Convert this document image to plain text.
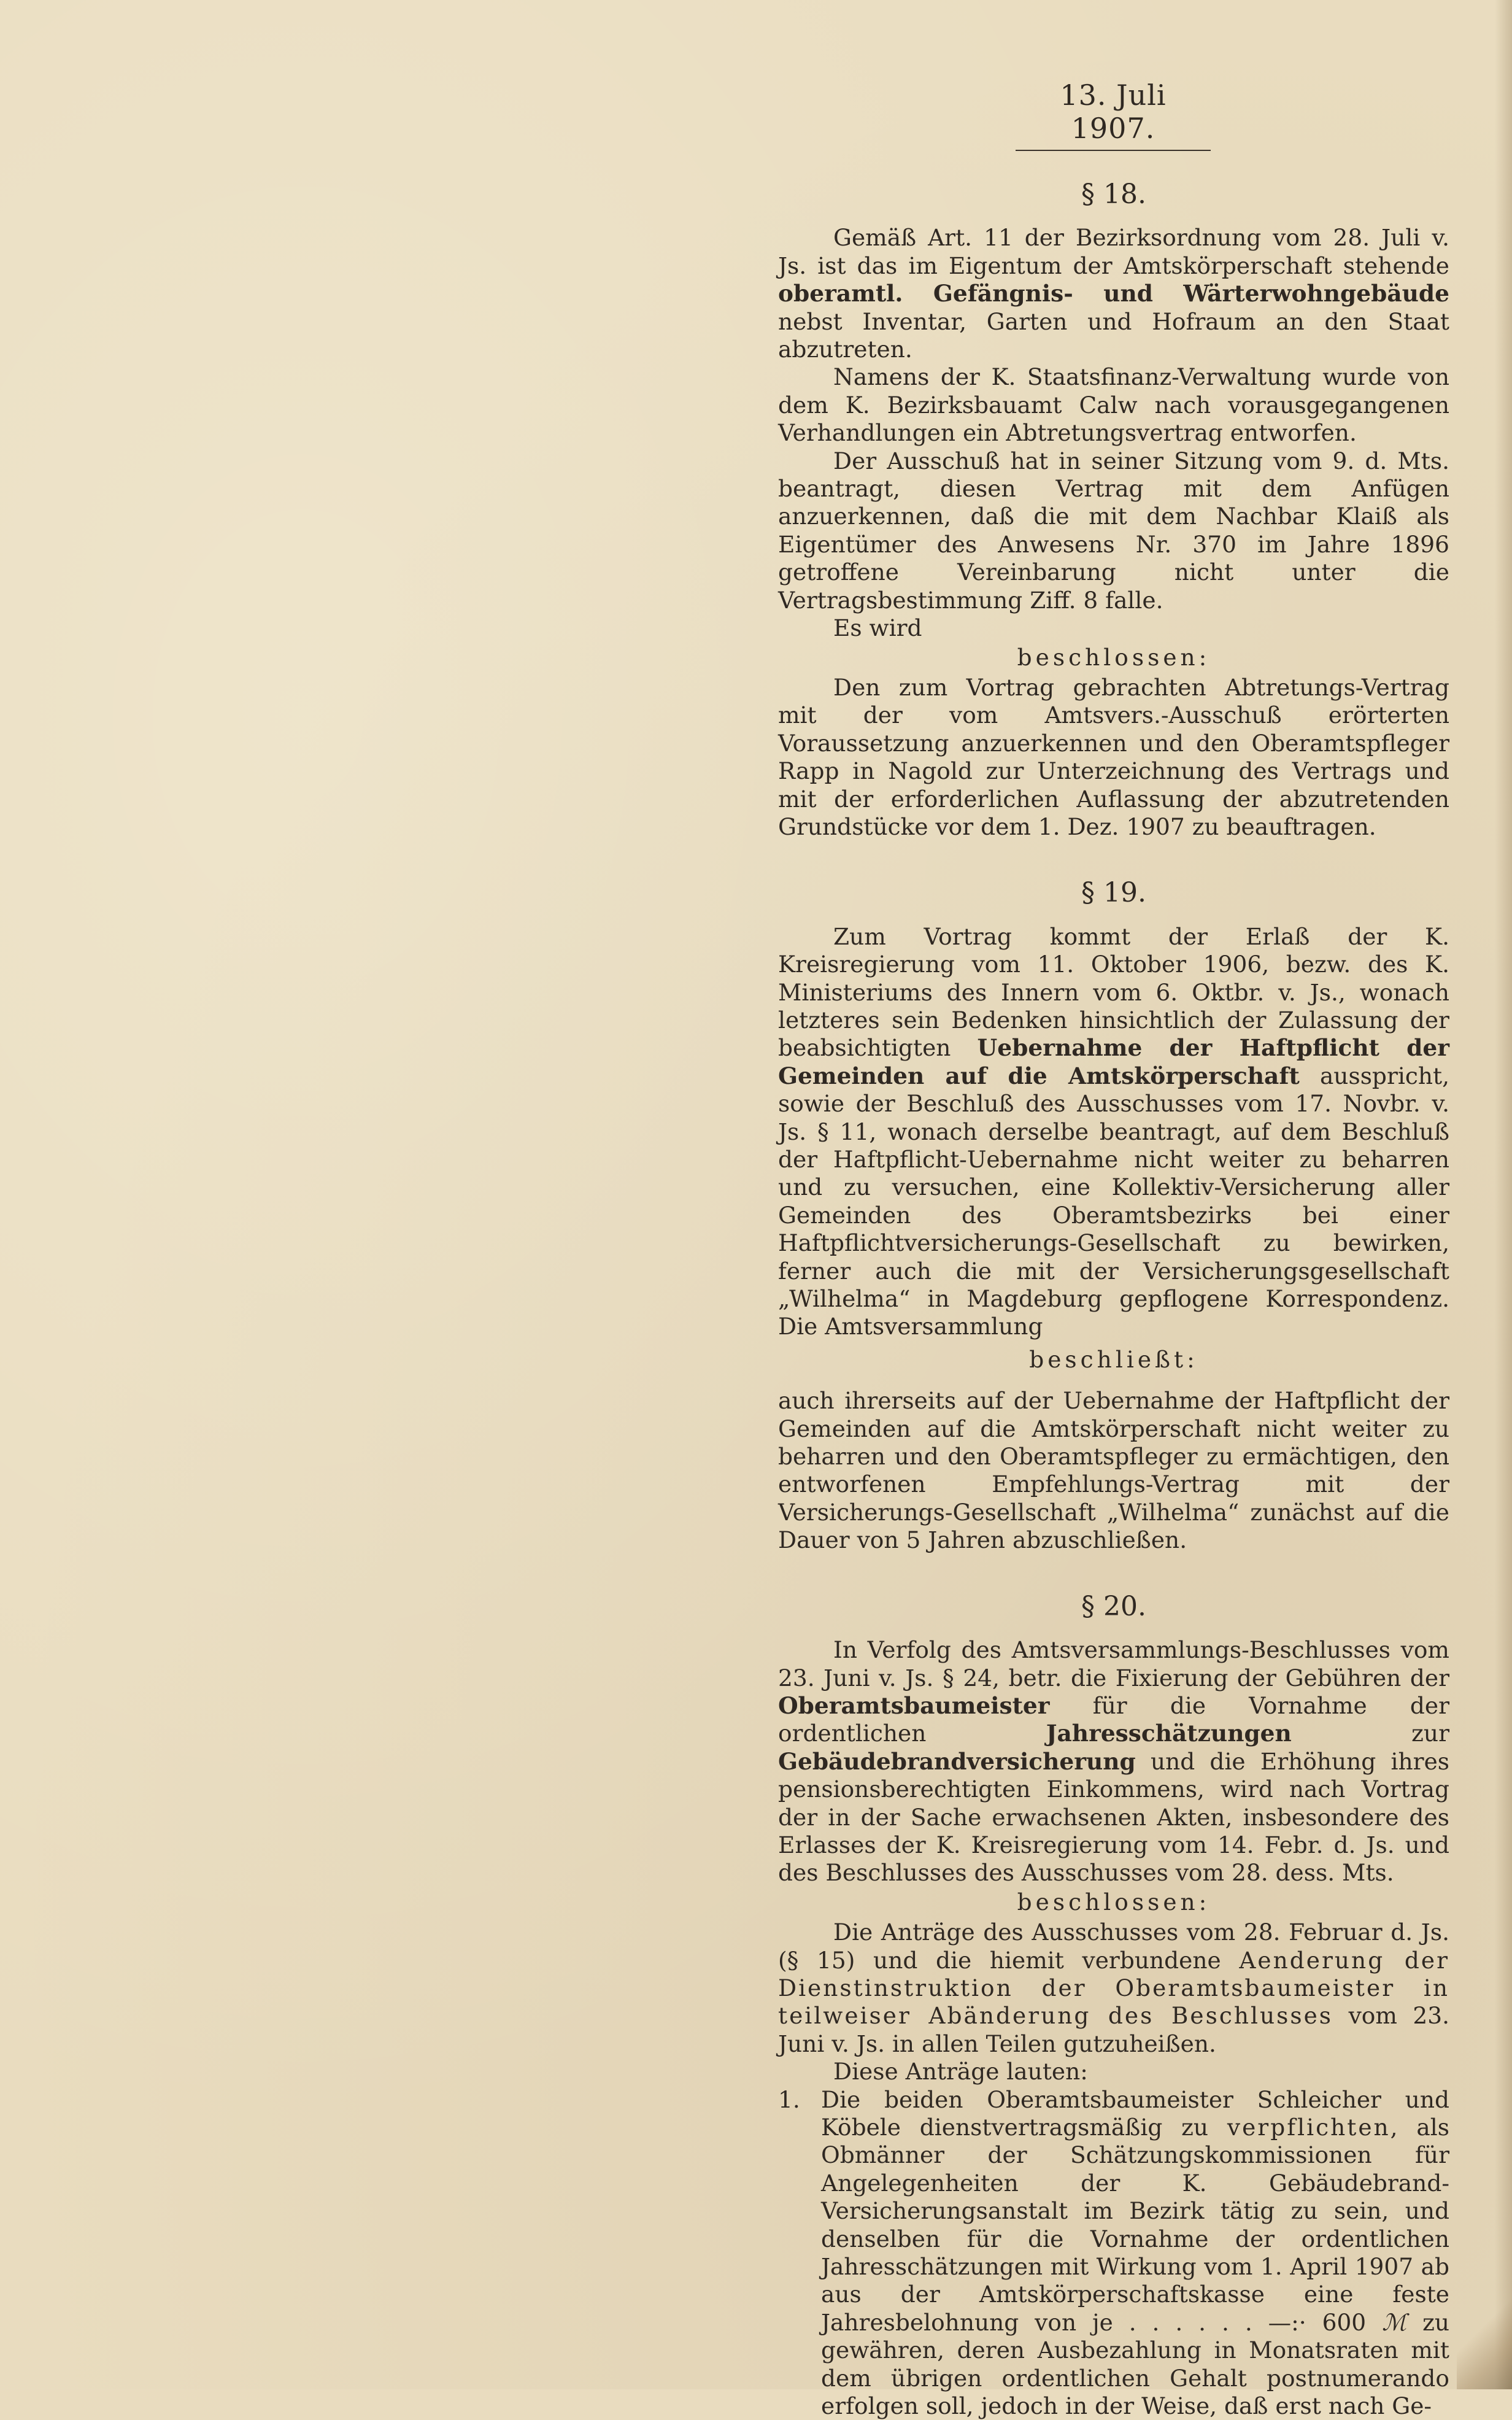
13. Juli 1907.
§ 18.

Gemäß Art. 11 der Bezirksordnung vom 28. Juli v. Js. ist das im Eigentum der Amtskörperschaft stehende oberamtl. Gefängnis- und Wärterwohngebäude nebst Inventar, Garten und Hofraum an den Staat abzutreten.

Namens der K. Staatsfinanz-Verwaltung wurde von dem K. Bezirksbauamt Calw nach vorausgegangenen Verhandlungen ein Abtretungsvertrag entworfen.

Der Ausschuß hat in seiner Sitzung vom 9. d. Mts. beantragt, diesen Vertrag mit dem Anfügen anzuerkennen, daß die mit dem Nachbar Klaiß als Eigentümer des Anwesens Nr. 370 im Jahre 1896 getroffene Vereinbarung nicht unter die Vertragsbestimmung Ziff. 8 falle.

Es wird

beschlossen:

Den zum Vortrag gebrachten Abtretungs-Vertrag mit der vom Amtsvers.-Ausschuß erörterten Voraussetzung anzuerkennen und den Oberamtspfleger Rapp in Nagold zur Unterzeichnung des Vertrags und mit der erforderlichen Auflassung der abzutretenden Grundstücke vor dem 1. Dez. 1907 zu beauftragen.

§ 19.

Zum Vortrag kommt der Erlaß der K. Kreisregierung vom 11. Oktober 1906, bezw. des K. Ministeriums des Innern vom 6. Oktbr. v. Js., wonach letzteres sein Bedenken hinsichtlich der Zulassung der beabsichtigten Uebernahme der Haftpflicht der Gemeinden auf die Amtskörperschaft ausspricht, sowie der Beschluß des Ausschusses vom 17. Novbr. v. Js. § 11, wonach derselbe beantragt, auf dem Beschluß der Haftpflicht-Uebernahme nicht weiter zu beharren und zu versuchen, eine Kollektiv-Versicherung aller Gemeinden des Oberamtsbezirks bei einer Haftpflichtversicherungs-Gesellschaft zu bewirken, ferner auch die mit der Versicherungsgesellschaft „Wilhelma“ in Magdeburg gepflogene Korrespondenz. Die Amtsversammlung

beschließt:

auch ihrerseits auf der Uebernahme der Haftpflicht der Gemeinden auf die Amtskörperschaft nicht weiter zu beharren und den Oberamtspfleger zu ermächtigen, den entworfenen Empfehlungs-Vertrag mit der Versicherungs-Gesellschaft „Wilhelma“ zunächst auf die Dauer von 5 Jahren abzuschließen.

§ 20.

In Verfolg des Amtsversammlungs-Beschlusses vom 23. Juni v. Js. § 24, betr. die Fixierung der Gebühren der Oberamtsbaumeister für die Vornahme der ordentlichen	Jahresschätzungen	zur Gebäudebrandversicherung und die Erhöhung ihres pensionsberechtigten Einkommens, wird nach Vortrag der in der Sache erwachsenen Akten, insbesondere des Erlasses der K. Kreisregierung vom 14. Febr. d. Js. und des Beschlusses des Ausschusses vom 28. dess. Mts.

beschlossen:

Die Anträge des Ausschusses vom 28. Februar d. Js. (§ 15) und die hiemit verbundene Aenderung der Dienstinstruktion der Oberamtsbaumeister in teilweiser Abänderung des Beschlusses vom 23. Juni v. Js. in allen Teilen gutzuheißen.

Diese Anträge lauten:

1. Die beiden Oberamtsbaumeister Schleicher und Köbele dienstvertragsmäßig zu verpflichten, als Obmänner der Schätzungskommissionen für Angelegenheiten der K. Gebäudebrand-Versicherungsanstalt im Bezirk tätig zu sein, und denselben für die Vornahme der ordentlichen Jahresschätzungen mit Wirkung vom 1. April 1907 ab aus der Amtskörperschaftskasse eine feste Jahresbelohnung von je . . . . . . —:· 600 ℳ zu gewähren, deren Ausbezahlung in Monatsraten mit dem übrigen ordentlichen Gehalt postnumerando erfolgen soll, jedoch in der Weise, daß erst nach Ge-
